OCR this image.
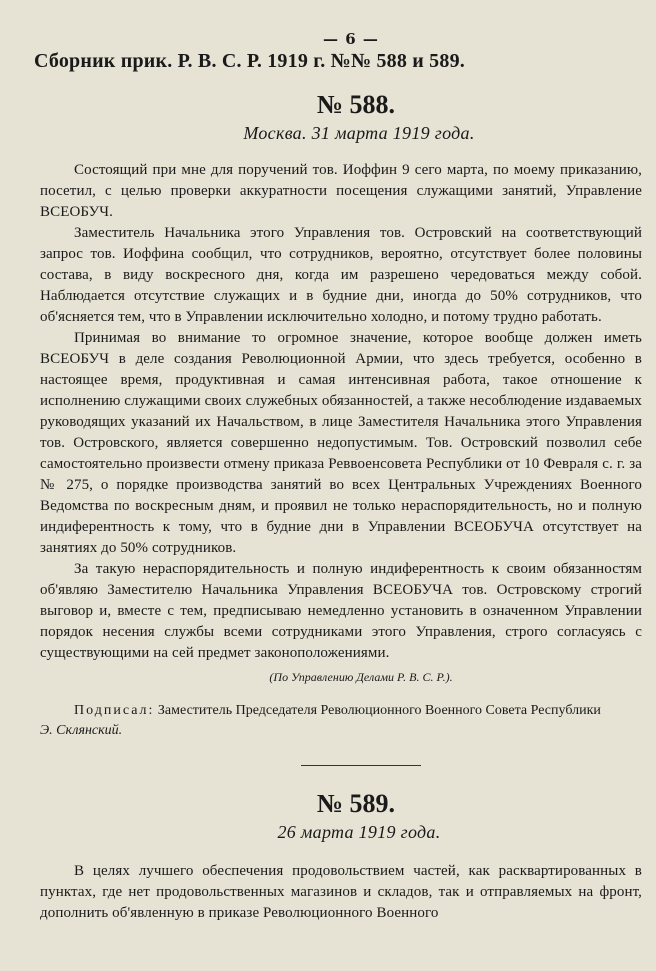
— 6 —
Сборник прик. Р. В. С. Р. 1919 г. №№ 588 и 589.
№ 588.
Москва. 31 марта 1919 года.

Состоящий при мне для поручений тов. Иоффин 9 сего марта, по моему приказанию, посетил, с целью проверки аккуратности посещения служащими занятий, Управление ВСЕОБУЧ.

Заместитель Начальника этого Управления тов. Островский на соответствующий запрос тов. Иоффина сообщил, что сотрудников, вероятно, отсутствует более половины состава, в виду воскресного дня, когда им разрешено чередоваться между собой. Наблюдается отсутствие служащих и в будние дни, иногда до 50% сотрудников, что об'ясняется тем, что в Управлении исключительно холодно, и потому трудно работать.

Принимая во внимание то огромное значение, которое вообще должен иметь ВСЕОБУЧ в деле создания Революционной Армии, что здесь требуется, особенно в настоящее время, продуктивная и самая интенсивная работа, такое отношение к исполнению служащими своих служебных обязанностей, а также несоблюдение издаваемых руководящих указаний их Начальством, в лице Заместителя Начальника этого Управления тов. Островского, является совершенно недопустимым. Тов. Островский позволил себе самостоятельно произвести отмену приказа Реввоенсовета Республики от 10 Февраля с. г. за № 275, о порядке производства занятий во всех Центральных Учреждениях Военного Ведомства по воскресным дням, и проявил не только нераспорядительность, но и полную индиферентность к тому, что в будние дни в Управлении ВСЕОБУЧА отсутствует на занятиях до 50% сотрудников.

За такую нераспорядительность и полную индиферентность к своим обязанностям об'являю Заместителю Начальника Управления ВСЕОБУЧА тов. Островскому строгий выговор и, вместе с тем, предписываю немедленно установить в означенном Управлении порядок несения службы всеми сотрудниками этого Управления, строго согласуясь с существующими на сей предмет законоположениями.

(По Управлению Делами Р. В. С. Р.).
Подписал: Заместитель Председателя Революционного Военного Совета Республики
Э. Склянский.
№ 589.
26 марта 1919 года.

В целях лучшего обеспечения продовольствием частей, как расквартированных в пунктах, где нет продовольственных магазинов и складов, так и отправляемых на фронт, дополнить об'явленную в приказе Революционного Военного
